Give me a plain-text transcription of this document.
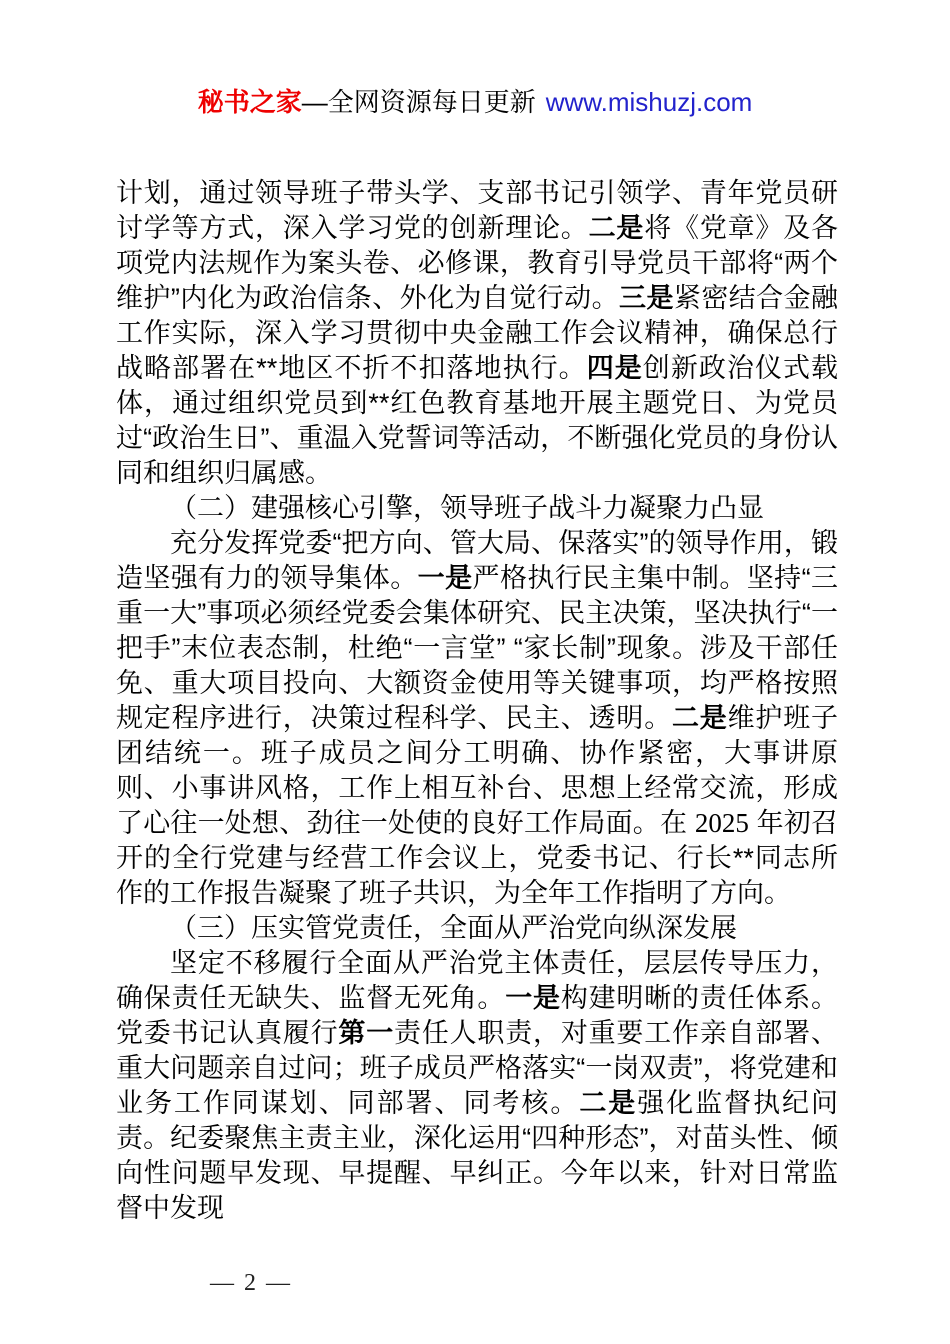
秘书之家—全网资源每日更新 www.mishuzj.com

计划，通过领导班子带头学、支部书记引领学、青年党员研讨学等方式，深入学习党的创新理论。二是将《党章》及各项党内法规作为案头卷、必修课，教育引导党员干部将“两个维护”内化为政治信条、外化为自觉行动。三是紧密结合金融工作实际，深入学习贯彻中央金融工作会议精神，确保总行战略部署在**地区不折不扣落地执行。四是创新政治仪式载体，通过组织党员到**红色教育基地开展主题党日、为党员过“政治生日”、重温入党誓词等活动，不断强化党员的身份认同和组织归属感。

（二）建强核心引擎，领导班子战斗力凝聚力凸显

充分发挥党委“把方向、管大局、保落实”的领导作用，锻造坚强有力的领导集体。一是严格执行民主集中制。坚持“三重一大”事项必须经党委会集体研究、民主决策，坚决执行“一把手”末位表态制，杜绝“一言堂” “家长制”现象。涉及干部任免、重大项目投向、大额资金使用等关键事项，均严格按照规定程序进行，决策过程科学、民主、透明。二是维护班子团结统一。班子成员之间分工明确、协作紧密，大事讲原则、小事讲风格，工作上相互补台、思想上经常交流，形成了心往一处想、劲往一处使的良好工作局面。在 2025 年初召开的全行党建与经营工作会议上，党委书记、行长**同志所作的工作报告凝聚了班子共识，为全年工作指明了方向。

（三）压实管党责任，全面从严治党向纵深发展

坚定不移履行全面从严治党主体责任，层层传导压力，确保责任无缺失、监督无死角。一是构建明晰的责任体系。党委书记认真履行第一责任人职责，对重要工作亲自部署、重大问题亲自过问；班子成员严格落实“一岗双责”，将党建和业务工作同谋划、同部署、同考核。二是强化监督执纪问责。纪委聚焦主责主业，深化运用“四种形态”，对苗头性、倾向性问题早发现、早提醒、早纠正。今年以来，针对日常监督中发现

— 2 —
